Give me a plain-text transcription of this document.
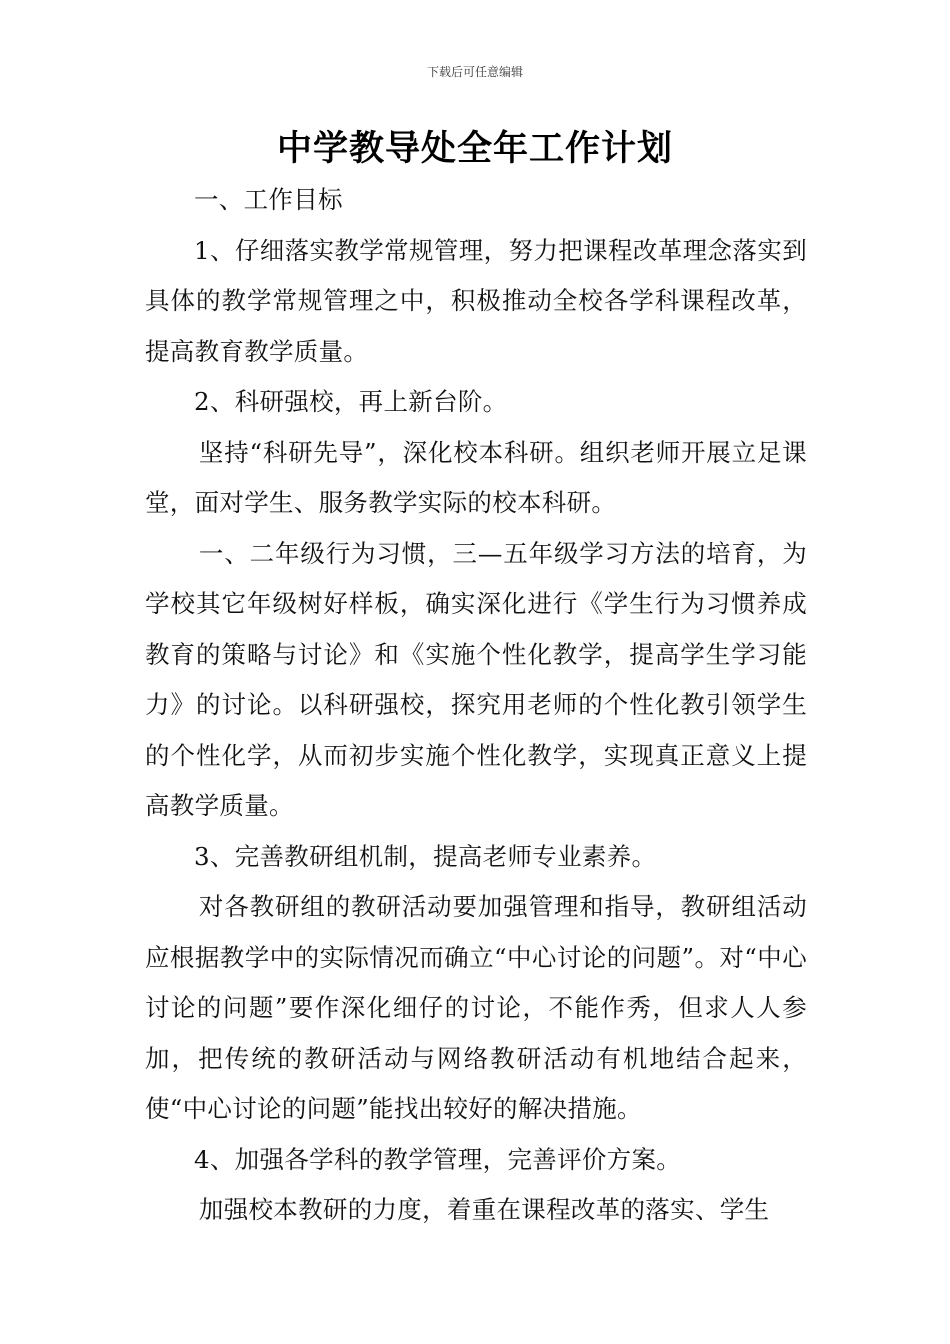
下载后可任意编辑
中学教导处全年工作计划

一、工作目标

1、仔细落实教学常规管理，努力把课程改革理念落实到具体的教学常规管理之中，积极推动全校各学科课程改革，提高教育教学质量。

2、科研强校，再上新台阶。

坚持“科研先导”，深化校本科研。组织老师开展立足课堂，面对学生、服务教学实际的校本科研。

一、二年级行为习惯，三—五年级学习方法的培育，为学校其它年级树好样板，确实深化进行《学生行为习惯养成教育的策略与讨论》和《实施个性化教学，提高学生学习能力》的讨论。以科研强校，探究用老师的个性化教引领学生的个性化学，从而初步实施个性化教学，实现真正意义上提高教学质量。

3、完善教研组机制，提高老师专业素养。

对各教研组的教研活动要加强管理和指导，教研组活动应根据教学中的实际情况而确立“中心讨论的问题”。对“中心讨论的问题”要作深化细仔的讨论，不能作秀，但求人人参加，把传统的教研活动与网络教研活动有机地结合起来，使“中心讨论的问题”能找出较好的解决措施。

4、加强各学科的教学管理，完善评价方案。

加强校本教研的力度，着重在课程改革的落实、学生
